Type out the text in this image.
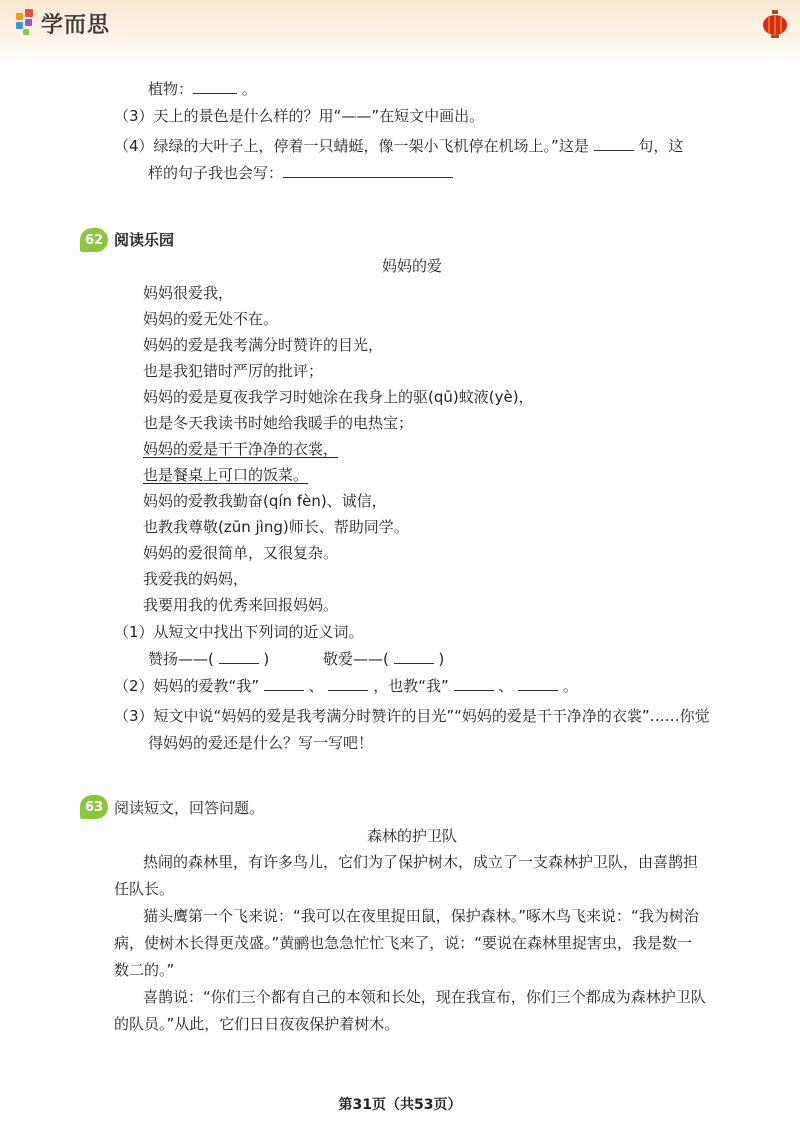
学而思
植物：	。
（3）天上的景色是什么样的？用“——”在短文中画出。
（4）绿绿的大叶子上，停着一只蜻蜓，像一架小飞机停在机场上。”这是	句，这
样的句子我也会写：
62 阅读乐园
妈妈的爱
妈妈很爱我，
妈妈的爱无处不在。
妈妈的爱是我考满分时赞许的目光，
也是我犯错时严厉的批评；
妈妈的爱是夏夜我学习时她涂在我身上的驱(qū)蚊液(yè)，
也是冬天我读书时她给我暖手的电热宝；
妈妈的爱是干干净净的衣裳，
也是餐桌上可口的饭菜。
妈妈的爱教我勤奋(qín fèn)、诚信，
也教我尊敬(zūn jìng)师长、帮助同学。
妈妈的爱很简单，又很复杂。
我爱我的妈妈，
我要用我的优秀来回报妈妈。
（1）从短文中找出下列词的近义词。
赞扬——(	)	敬爱——(	)
（2）妈妈的爱教“我”	、	，也教“我”	、	。
（3）短文中说“妈妈的爱是我考满分时赞许的目光”“妈妈的爱是干干净净的衣裳”……你觉
得妈妈的爱还是什么？写一写吧！
63 阅读短文，回答问题。
森林的护卫队
热闹的森林里，有许多鸟儿，它们为了保护树木，成立了一支森林护卫队，由喜鹊担
任队长。
猫头鹰第一个飞来说：“我可以在夜里捉田鼠，保护森林。”啄木鸟飞来说：“我为树治
病，使树木长得更茂盛。”黄鹂也急急忙忙飞来了，说：“要说在森林里捉害虫，我是数一
数二的。”
喜鹊说：“你们三个都有自己的本领和长处，现在我宣布，你们三个都成为森林护卫队
的队员。”从此，它们日日夜夜保护着树木。
第31页（共53页）
